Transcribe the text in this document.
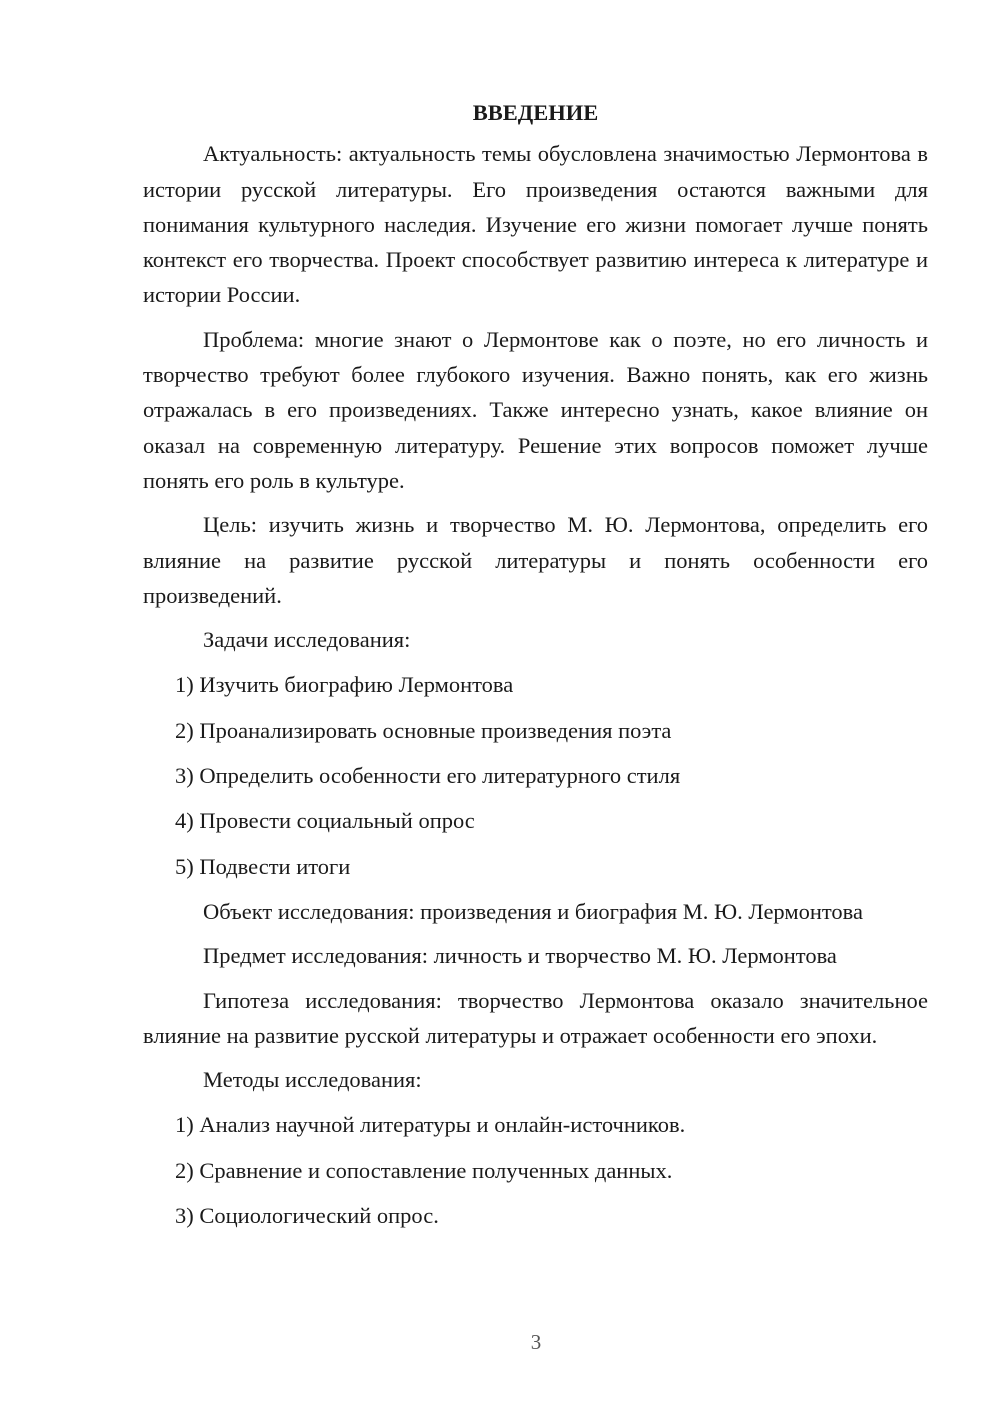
ВВЕДЕНИЕ

Актуальность: актуальность темы обусловлена значимостью Лермонтова в истории русской литературы. Его произведения остаются важными для понимания культурного наследия. Изучение его жизни помогает лучше понять контекст его творчества. Проект способствует развитию интереса к литературе и истории России.

Проблема: многие знают о Лермонтове как о поэте, но его личность и творчество требуют более глубокого изучения. Важно понять, как его жизнь отражалась в его произведениях. Также интересно узнать, какое влияние он оказал на современную литературу. Решение этих вопросов поможет лучше понять его роль в культуре.

Цель: изучить жизнь и творчество М. Ю. Лермонтова, определить его влияние на развитие русской литературы и понять особенности его произведений.

Задачи исследования:

1) Изучить биографию Лермонтова

2) Проанализировать основные произведения поэта

3) Определить особенности его литературного стиля

4) Провести социальный опрос

5) Подвести итоги

Объект исследования: произведения и биография М. Ю. Лермонтова

Предмет исследования: личность и творчество М. Ю. Лермонтова

Гипотеза исследования: творчество Лермонтова оказало значительное влияние на развитие русской литературы и отражает особенности его эпохи.

Методы исследования:

1) Анализ научной литературы и онлайн-источников.

2) Сравнение и сопоставление полученных данных.

3) Социологический опрос.

3
